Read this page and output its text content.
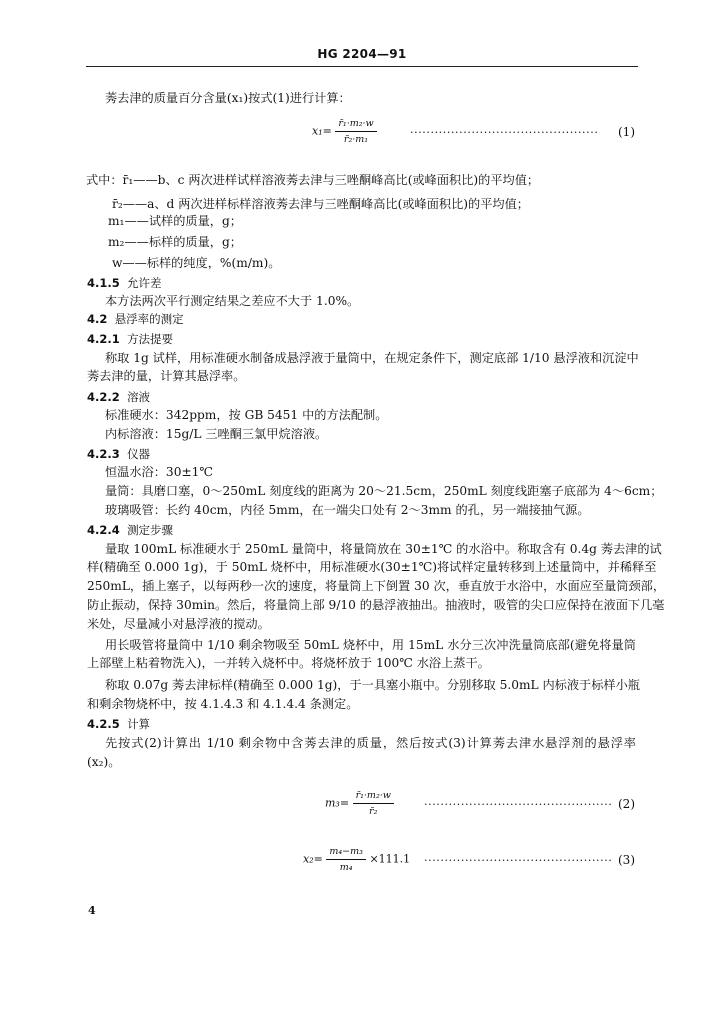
HG 2204—91
莠去津的质量百分含量(x₁)按式(1)进行计算：
$x_1= \frac{\text{r̄₁·m₂·w}}{\text{r̄₂·m₁}}$	·············································· (1)
式中：r̄₁——b、c 两次进样试样溶液莠去津与三唑酮峰高比(或峰面积比)的平均值；
r̄₂——a、d 两次进样标样溶液莠去津与三唑酮峰高比(或峰面积比)的平均值；
m₁——试样的质量，g；
m₂——标样的质量，g；
w——标样的纯度，%(m/m)。
4.1.5 允许差
本方法两次平行测定结果之差应不大于 1.0%。
4.2 悬浮率的测定
4.2.1 方法提要
称取 1g 试样，用标准硬水制备成悬浮液于量筒中，在规定条件下，测定底部 1/10 悬浮液和沉淀中
莠去津的量，计算其悬浮率。
4.2.2 溶液
标准硬水：342ppm，按 GB 5451 中的方法配制。
内标溶液：15g/L 三唑酮三氯甲烷溶液。
4.2.3 仪器
恒温水浴：30±1℃
量筒：具磨口塞，0～250mL 刻度线的距离为 20～21.5cm，250mL 刻度线距塞子底部为 4～6cm；
玻璃吸管：长约 40cm，内径 5mm，在一端尖口处有 2～3mm 的孔，另一端接抽气源。
4.2.4 测定步骤
量取 100mL 标准硬水于 250mL 量筒中，将量筒放在 30±1℃ 的水浴中。称取含有 0.4g 莠去津的试
样(精确至 0.000 1g)，于 50mL 烧杯中，用标准硬水(30±1℃)将试样定量转移到上述量筒中，并稀释至
250mL，插上塞子，以每两秒一次的速度，将量筒上下倒置 30 次，垂直放于水浴中，水面应至量筒颈部，
防止振动，保持 30min。然后，将量筒上部 9/10 的悬浮液抽出。抽液时，吸管的尖口应保持在液面下几毫
米处，尽量减小对悬浮液的搅动。
用长吸管将量筒中 1/10 剩余物吸至 50mL 烧杯中，用 15mL 水分三次冲洗量筒底部(避免将量筒
上部壁上粘着物洗入)，一并转入烧杯中。将烧杯放于 100℃ 水浴上蒸干。
称取 0.07g 莠去津标样(精确至 0.000 1g)，于一具塞小瓶中。分别移取 5.0mL 内标液于标样小瓶
和剩余物烧杯中，按 4.1.4.3 和 4.1.4.4 条测定。
4.2.5 计算
先按式(2)计算出 1/10 剩余物中含莠去津的质量，然后按式(3)计算莠去津水悬浮剂的悬浮率
(x₂)。
$m_3= \frac{\text{r̄₁·m₂·w}}{\text{r̄₂}}$	·············································· (2)
$x_2= \frac{\text{m₄−m₃}}{\text{m₄}} \times 111.1$ ·············································· (3)
4
